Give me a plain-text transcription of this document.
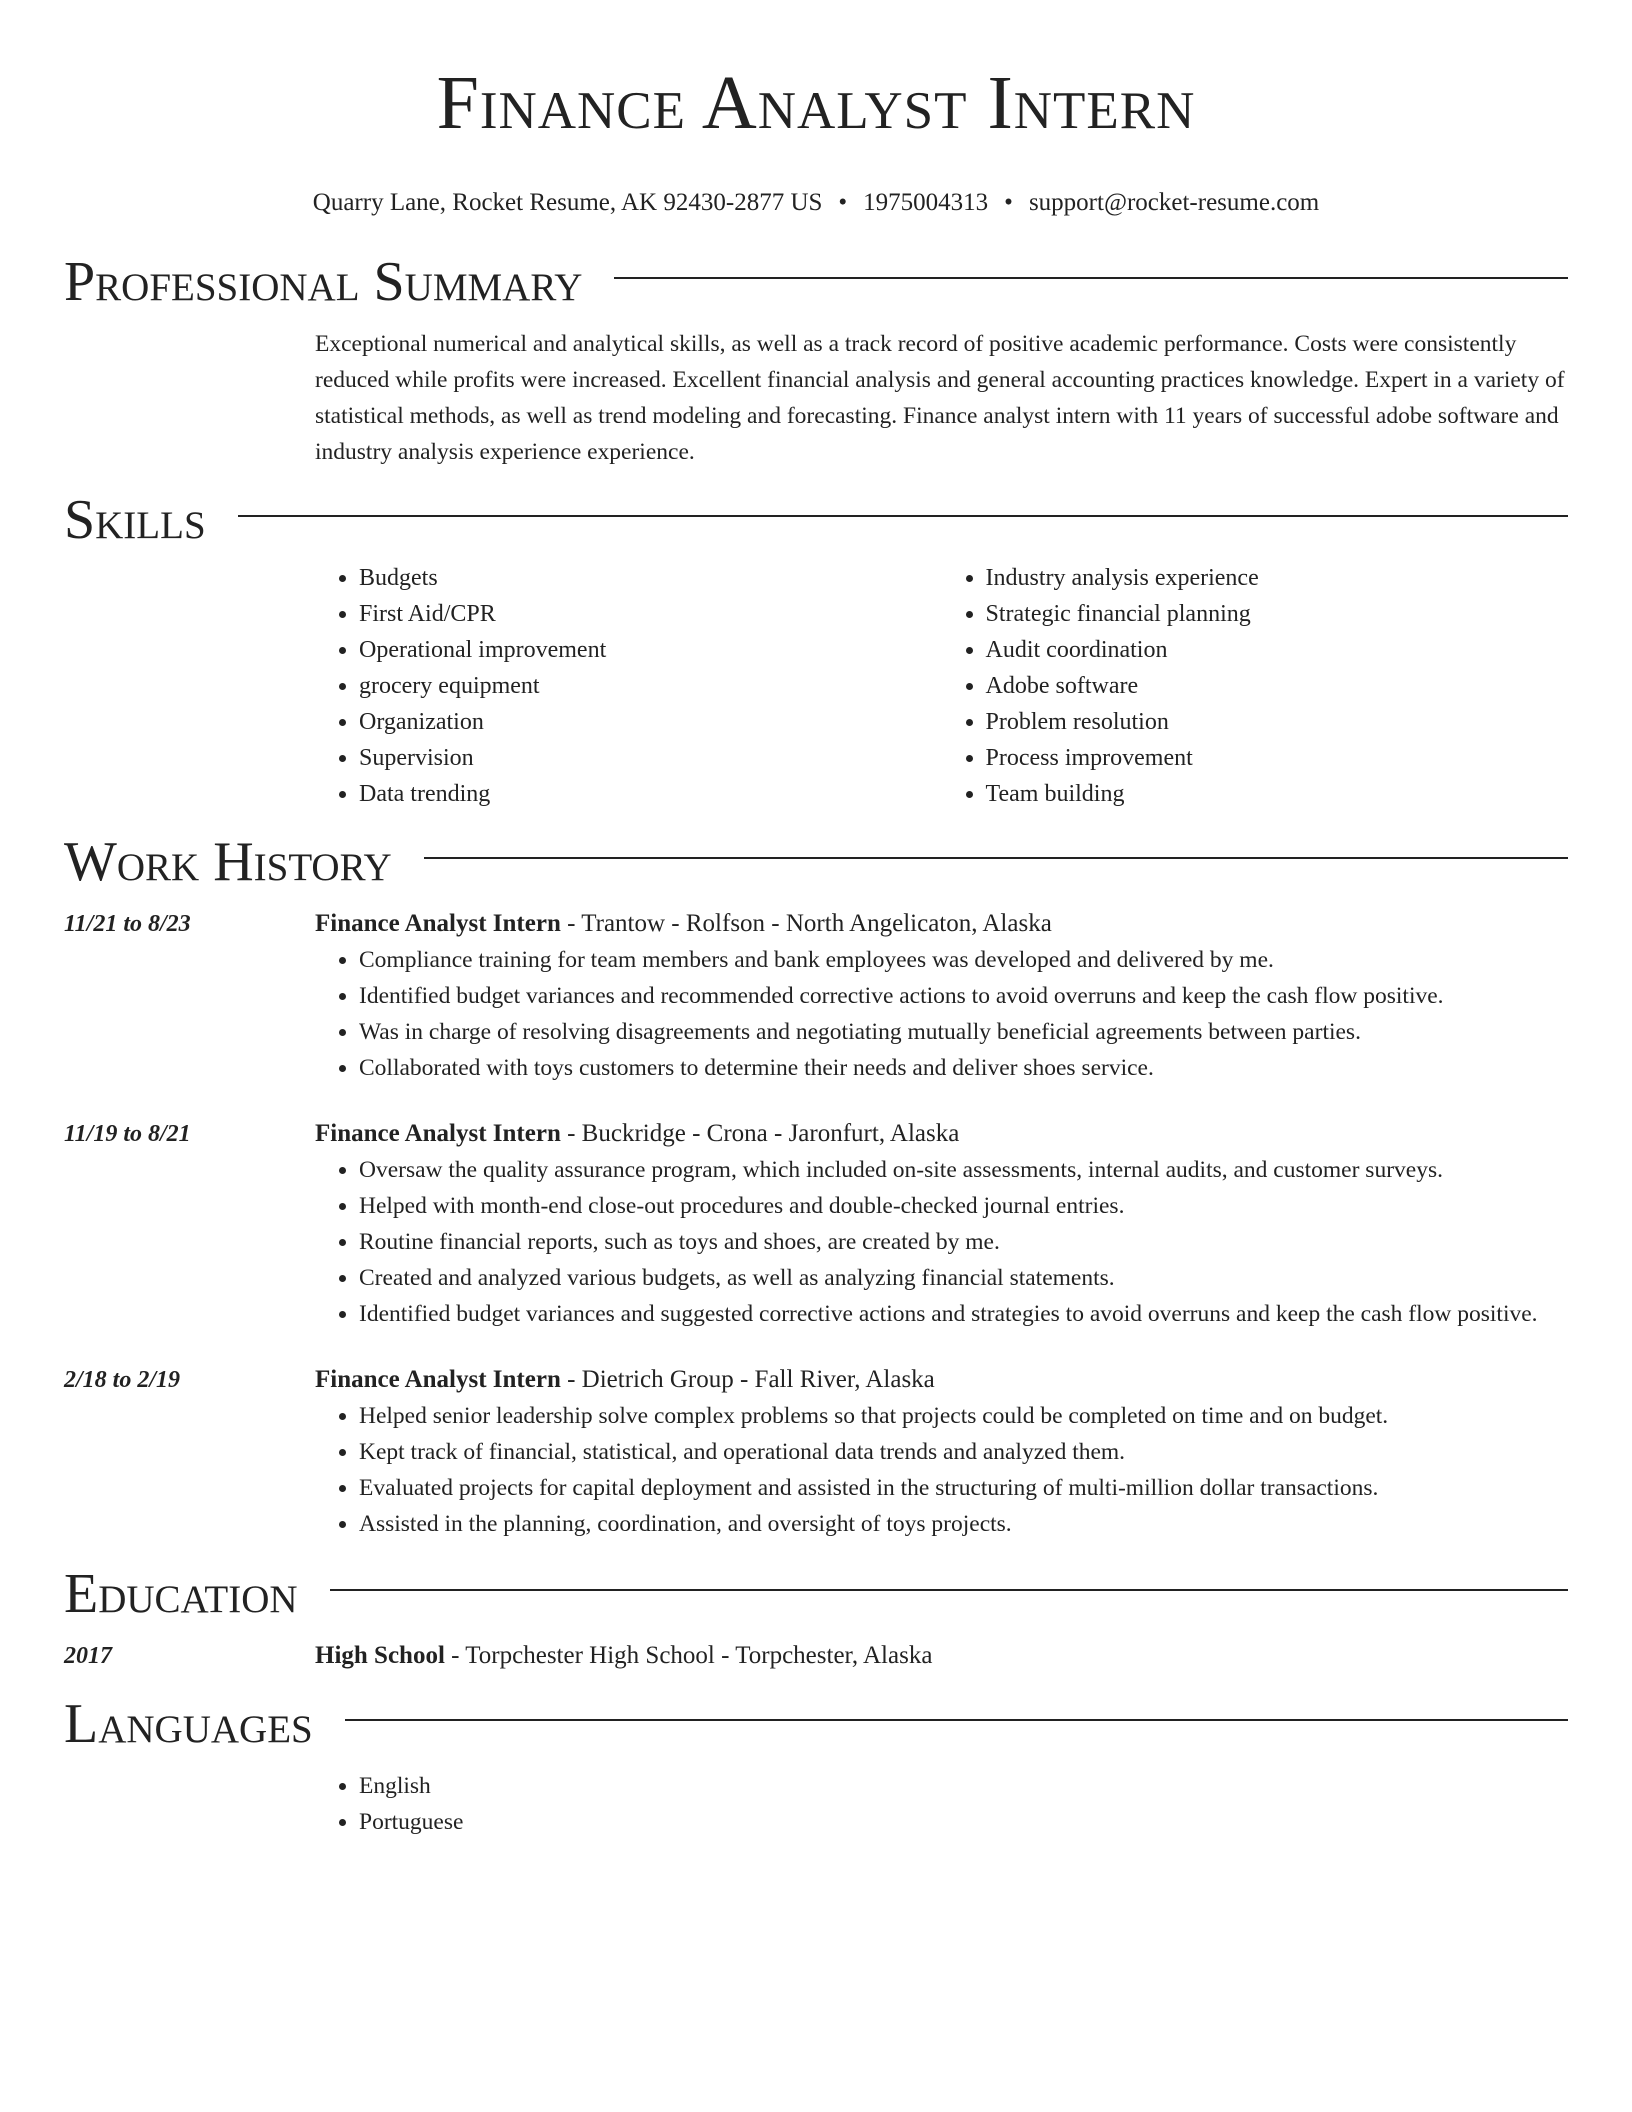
Finance Analyst Intern
Quarry Lane, Rocket Resume, AK 92430-2877 US • 1975004313 • support@rocket-resume.com
Professional Summary
Exceptional numerical and analytical skills, as well as a track record of positive academic performance. Costs were consistently reduced while profits were increased. Excellent financial analysis and general accounting practices knowledge. Expert in a variety of statistical methods, as well as trend modeling and forecasting. Finance analyst intern with 11 years of successful adobe software and industry analysis experience experience.
Skills
• Budgets
• First Aid/CPR
• Operational improvement
• grocery equipment
• Organization
• Supervision
• Data trending
• Industry analysis experience
• Strategic financial planning
• Audit coordination
• Adobe software
• Problem resolution
• Process improvement
• Team building
Work History
11/21 to 8/23	Finance Analyst Intern - Trantow - Rolfson - North Angelicaton, Alaska
• Compliance training for team members and bank employees was developed and delivered by me.
• Identified budget variances and recommended corrective actions to avoid overruns and keep the cash flow positive.
• Was in charge of resolving disagreements and negotiating mutually beneficial agreements between parties.
• Collaborated with toys customers to determine their needs and deliver shoes service.
11/19 to 8/21	Finance Analyst Intern - Buckridge - Crona - Jaronfurt, Alaska
• Oversaw the quality assurance program, which included on-site assessments, internal audits, and customer surveys.
• Helped with month-end close-out procedures and double-checked journal entries.
• Routine financial reports, such as toys and shoes, are created by me.
• Created and analyzed various budgets, as well as analyzing financial statements.
• Identified budget variances and suggested corrective actions and strategies to avoid overruns and keep the cash flow positive.
2/18 to 2/19	Finance Analyst Intern - Dietrich Group - Fall River, Alaska
• Helped senior leadership solve complex problems so that projects could be completed on time and on budget.
• Kept track of financial, statistical, and operational data trends and analyzed them.
• Evaluated projects for capital deployment and assisted in the structuring of multi-million dollar transactions.
• Assisted in the planning, coordination, and oversight of toys projects.
Education
2017	High School - Torpchester High School - Torpchester, Alaska
Languages
• English
• Portuguese
